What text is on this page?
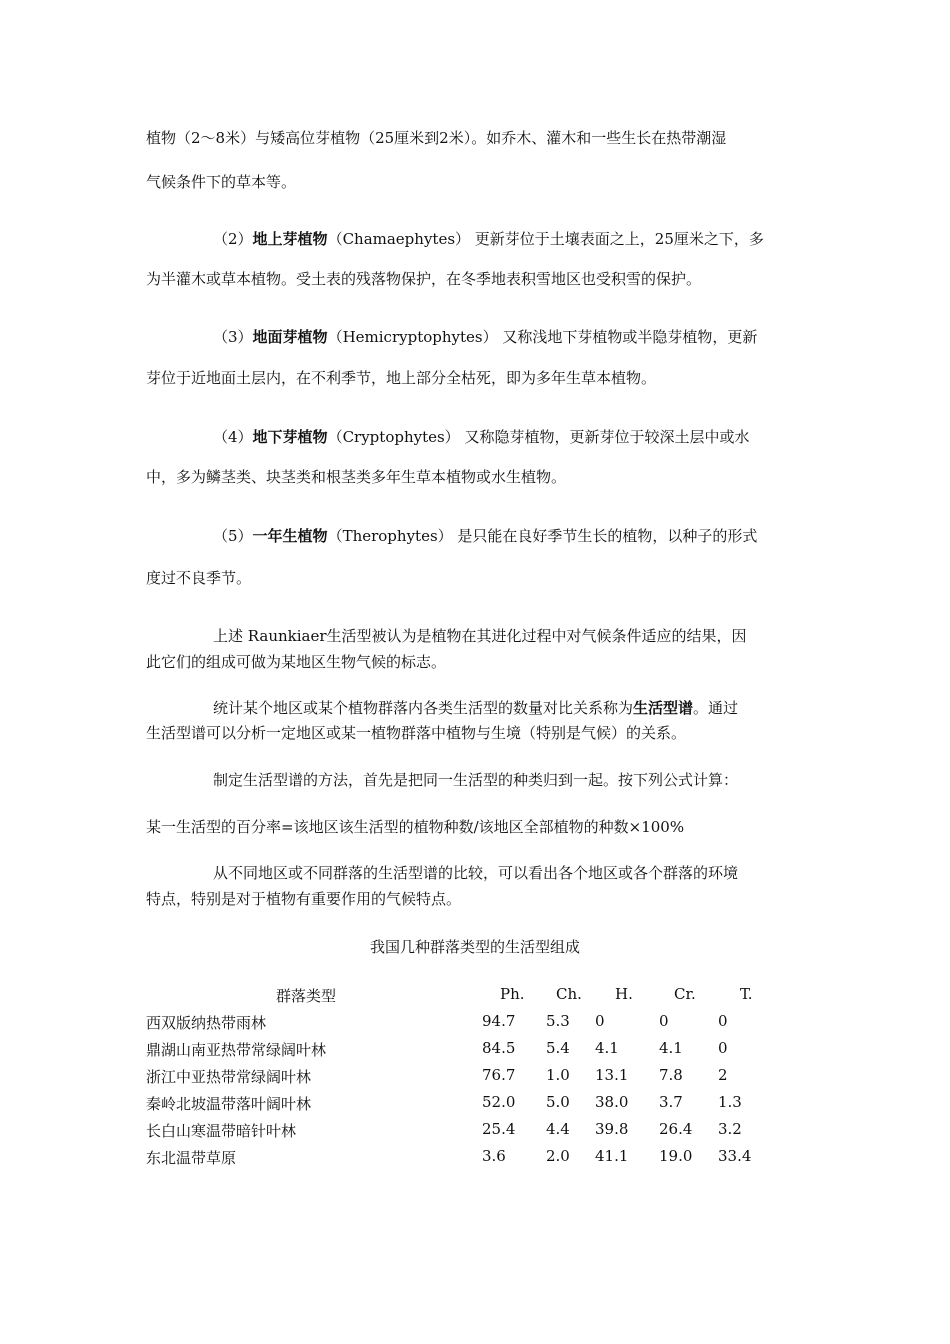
植物（2～8米）与矮高位芽植物（25厘米到2米）。如乔木、灌木和一些生长在热带潮湿
气候条件下的草本等。
（2）地上芽植物（Chamaephytes） 更新芽位于土壤表面之上，25厘米之下，多
为半灌木或草本植物。受土表的残落物保护，在冬季地表积雪地区也受积雪的保护。
（3）地面芽植物（Hemicryptophytes） 又称浅地下芽植物或半隐芽植物，更新
芽位于近地面土层内，在不利季节，地上部分全枯死，即为多年生草本植物。
（4）地下芽植物（Cryptophytes） 又称隐芽植物，更新芽位于较深土层中或水
中，多为鳞茎类、块茎类和根茎类多年生草本植物或水生植物。
（5）一年生植物（Therophytes） 是只能在良好季节生长的植物，以种子的形式
度过不良季节。
上述 Raunkiaer生活型被认为是植物在其进化过程中对气候条件适应的结果，因
此它们的组成可做为某地区生物气候的标志。
统计某个地区或某个植物群落内各类生活型的数量对比关系称为生活型谱。通过
生活型谱可以分析一定地区或某一植物群落中植物与生境（特别是气候）的关系。
制定生活型谱的方法，首先是把同一生活型的种类归到一起。按下列公式计算：
某一生活型的百分率=该地区该生活型的植物种数/该地区全部植物的种数×100%
从不同地区或不同群落的生活型谱的比较，可以看出各个地区或各个群落的环境
特点，特别是对于植物有重要作用的气候特点。
我国几种群落类型的生活型组成
群落类型	Ph. Ch. H.	Cr.	T.
西双版纳热带雨林	94.7 5.3 0	0	0
鼎湖山南亚热带常绿阔叶林	84.5 5.4 4.1	4.1 0
浙江中亚热带常绿阔叶林	76.7 1.0 13.1 7.8 2
秦岭北坡温带落叶阔叶林	52.0 5.0 38.0 3.7 1.3
长白山寒温带暗针叶林	25.4 4.4 39.8 26.4 3.2
东北温带草原	3.6	2.0 41.1 19.0 33.4
